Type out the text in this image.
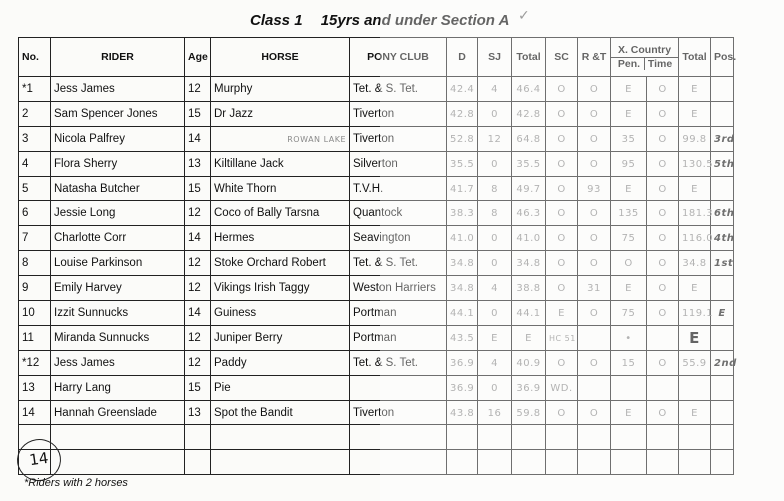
Class 1 15yrs and under Section A ✓
No.	RIDER	Age	HORSE	PONY CLUB	D	SJ	Total	SC	R &T	X. Country
Pen. Time		Total	Pos.
*1	Jess James	12	Murphy	Tet. & S. Tet.	42.4	4	46.4	O	O	E	O	E	
2	Sam Spencer Jones	15	Dr Jazz	Tiverton	42.8	0	42.8	O	O	E	O	E	
3	Nicola Palfrey	14	ROWAN LAKE	Tiverton	52.8	12	64.8	O	O	35	O	99.8	3rd
4	Flora Sherry	13	Kiltillane Jack	Silverton	35.5	0	35.5	O	O	95	O	130.5	5th
5	Natasha Butcher	15	White Thorn	T.V.H.	41.7	8	49.7	O	93	E	O	E	
6	Jessie Long	12	Coco of Bally Tarsna	Quantock	38.3	8	46.3	O	O	135	O	181.3	6th
7	Charlotte Corr	14	Hermes	Seavington	41.0	0	41.0	O	O	75	O	116.0	4th
8	Louise Parkinson	12	Stoke Orchard Robert	Tet. & S. Tet.	34.8	0	34.8	O	O	O	O	34.8	1st
9	Emily Harvey	12	Vikings Irish Taggy	Weston Harriers	34.8	4	38.8	O	31	E	O	E	
10	Izzit Sunnucks	14	Guiness	Portman	44.1	0	44.1	E	O	75	O	119.1	E
11	Miranda Sunnucks	12	Juniper Berry	Portman	43.5	E	E	HC 51		•		E	
*12	Jess James	12	Paddy	Tet. & S. Tet.	36.9	4	40.9	O	O	15	O	55.9	2nd
13	Harry Lang	15	Pie		36.9	0	36.9	WD.					
14	Hannah Greenslade	13	Spot the Bandit	Tiverton	43.8	16	59.8	O	O	E	O	E	

14
*Riders with 2 horses
